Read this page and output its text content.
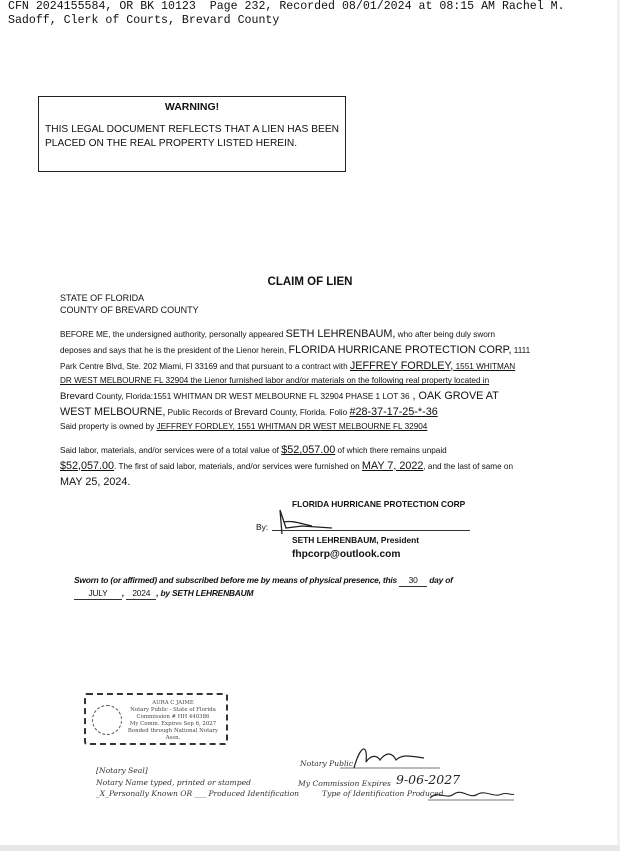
CFN 2024155584, OR BK 10123  Page 232, Recorded 08/01/2024 at 08:15 AM Rachel M.
Sadoff, Clerk of Courts, Brevard County
WARNING!
THIS LEGAL DOCUMENT REFLECTS THAT A LIEN HAS BEEN PLACED ON THE REAL PROPERTY LISTED HEREIN.
CLAIM OF LIEN
STATE OF FLORIDA
COUNTY OF BREVARD COUNTY
BEFORE ME, the undersigned authority, personally appeared SETH LEHRENBAUM, who after being duly sworn
deposes and says that he is the president of the Lienor herein, FLORIDA HURRICANE PROTECTION CORP, 1111
Park Centre Blvd, Ste. 202 Miami, Fl 33169 and that pursuant to a contract with JEFFREY FORDLEY, 1551 WHITMAN
DR WEST MELBOURNE FL 32904 the Lienor furnished labor and/or materials on the following real property located in
Brevard County, Florida:1551 WHITMAN DR WEST MELBOURNE FL 32904 PHASE 1 LOT 36 , OAK GROVE AT
WEST MELBOURNE, Public Records of Brevard County, Florida. Folio #28-37-17-25-*-36
Said property is owned by JEFFREY FORDLEY, 1551 WHITMAN DR WEST MELBOURNE FL 32904
Said labor, materials, and/or services were of a total value of $52,057.00 of which there remains unpaid
$52,057.00. The first of said labor, materials, and/or services were furnished on MAY 7, 2022, and the last of same on
MAY 25, 2024.
FLORIDA HURRICANE PROTECTION CORP
By:
SETH LEHRENBAUM, President
fhpcorp@outlook.com
Sworn to (or affirmed) and subscribed before me by means of physical presence, this 30 day of
JULY , 2024 , by SETH LEHRENBAUM
AURA C JAIME
Notary Public - State of Florida
Commission # HH 440386
My Comm. Expires Sep 6, 2027
Bonded through National Notary Assn.
[Notary Seal]
Notary Name typed, printed or stamped
_X_Personally Known OR ___ Produced Identification	Type of Identification Produced
Notary Public
My Commission Expires 9-06-2027
